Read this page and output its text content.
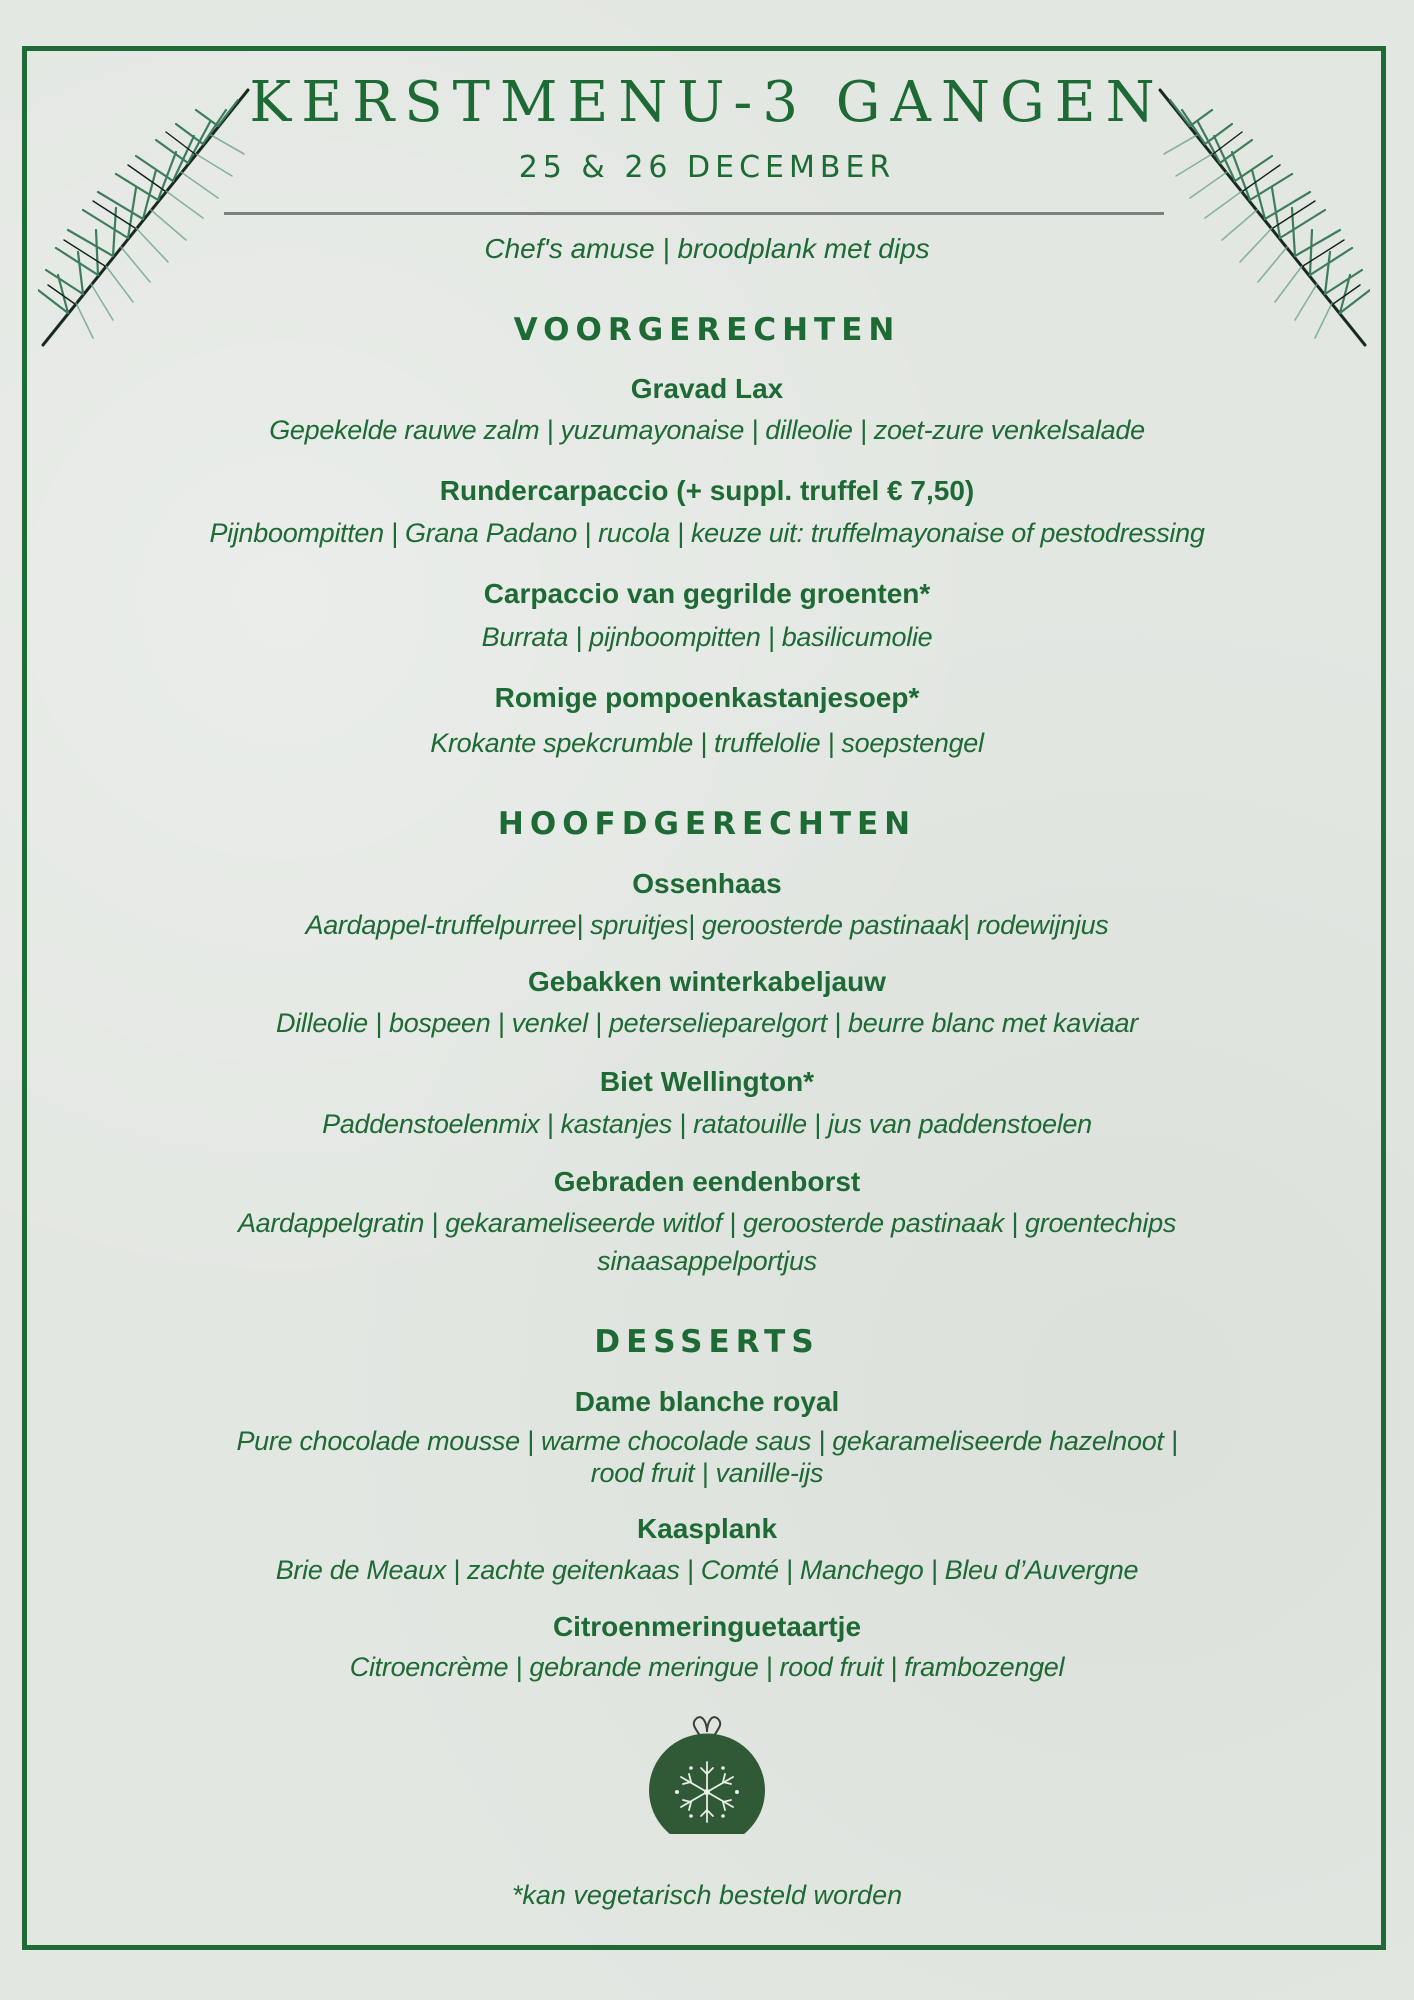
KERSTMENU-3 GANGEN
25 & 26 DECEMBER
Chef's amuse | broodplank met dips
VOORGERECHTEN
Gravad Lax
Gepekelde rauwe zalm | yuzumayonaise | dilleolie | zoet-zure venkelsalade
Rundercarpaccio (+ suppl. truffel € 7,50)
Pijnboompitten | Grana Padano | rucola | keuze uit: truffelmayonaise of pestodressing
Carpaccio van gegrilde groenten*
Burrata | pijnboompitten | basilicumolie
Romige pompoenkastanjesoep*
Krokante spekcrumble | truffelolie | soepstengel
HOOFDGERECHTEN
Ossenhaas
Aardappel-truffelpurree| spruitjes| geroosterde pastinaak| rodewijnjus
Gebakken winterkabeljauw
Dilleolie | bospeen | venkel | peterselieparelgort | beurre blanc met kaviaar
Biet Wellington*
Paddenstoelenmix | kastanjes | ratatouille | jus van paddenstoelen
Gebraden eendenborst
Aardappelgratin | gekarameliseerde witlof | geroosterde pastinaak | groentechips
sinaasappelportjus
DESSERTS
Dame blanche royal
Pure chocolade mousse | warme chocolade saus | gekarameliseerde hazelnoot |
rood fruit | vanille-ijs
Kaasplank
Brie de Meaux | zachte geitenkaas | Comté | Manchego | Bleu d’Auvergne
Citroenmeringuetaartje
Citroencrème | gebrande meringue | rood fruit | frambozengel
*kan vegetarisch besteld worden
